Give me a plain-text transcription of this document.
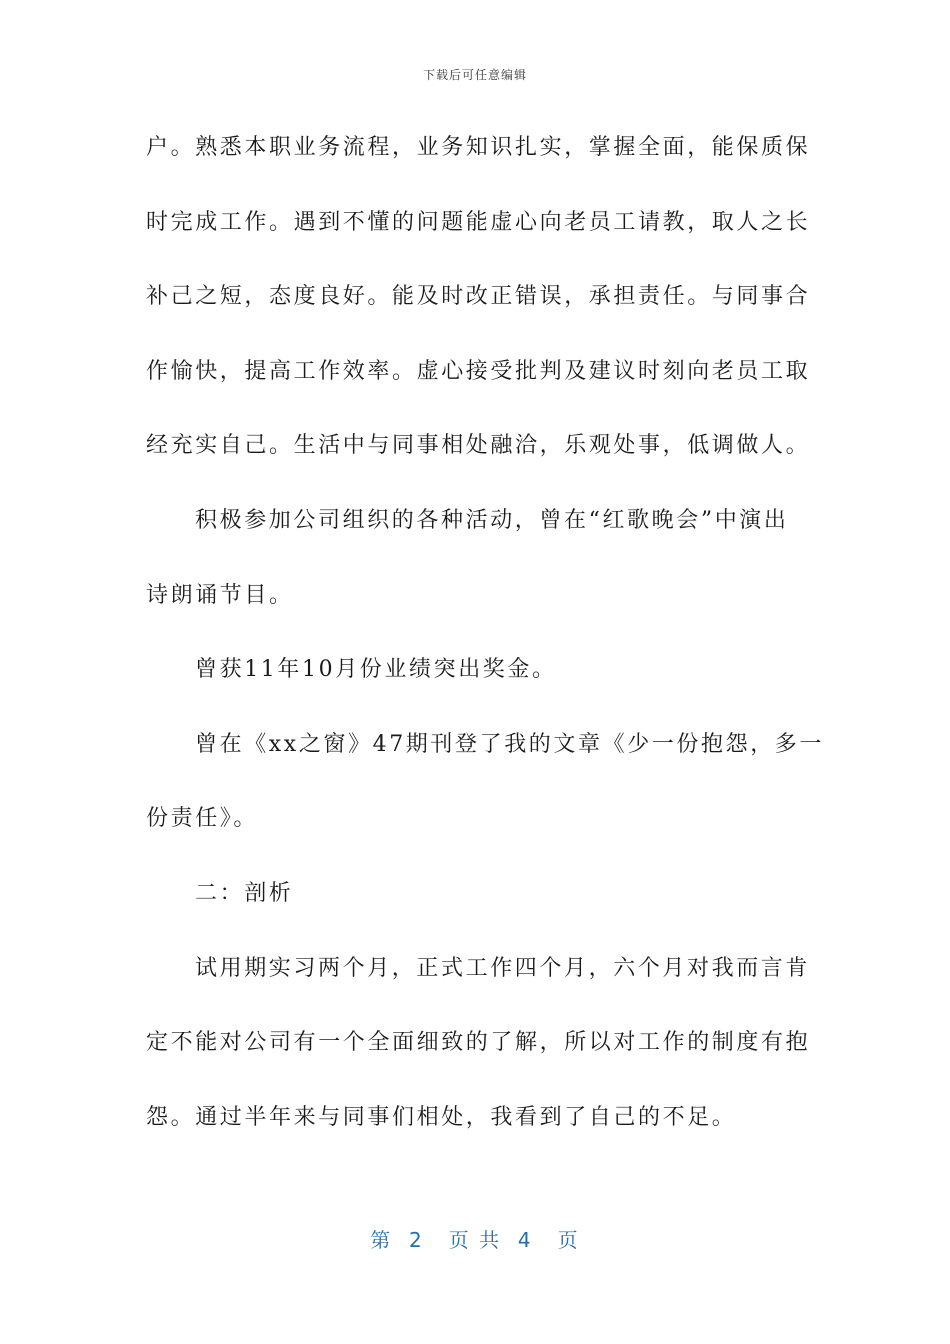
下载后可任意编辑

户。熟悉本职业务流程，业务知识扎实，掌握全面，能保质保

时完成工作。遇到不懂的问题能虚心向老员工请教，取人之长

补己之短，态度良好。能及时改正错误，承担责任。与同事合

作愉快，提高工作效率。虚心接受批判及建议时刻向老员工取

经充实自己。生活中与同事相处融洽，乐观处事，低调做人。

积极参加公司组织的各种活动，曾在“红歌晚会”中演出

诗朗诵节目。

曾获11年10月份业绩突出奖金。

曾在《xx之窗》47期刊登了我的文章《少一份抱怨，多一

份责任》。

二：剖析

试用期实习两个月，正式工作四个月，六个月对我而言肯

定不能对公司有一个全面细致的了解，所以对工作的制度有抱

怨。通过半年来与同事们相处，我看到了自己的不足。

第  2   页 共  4   页
